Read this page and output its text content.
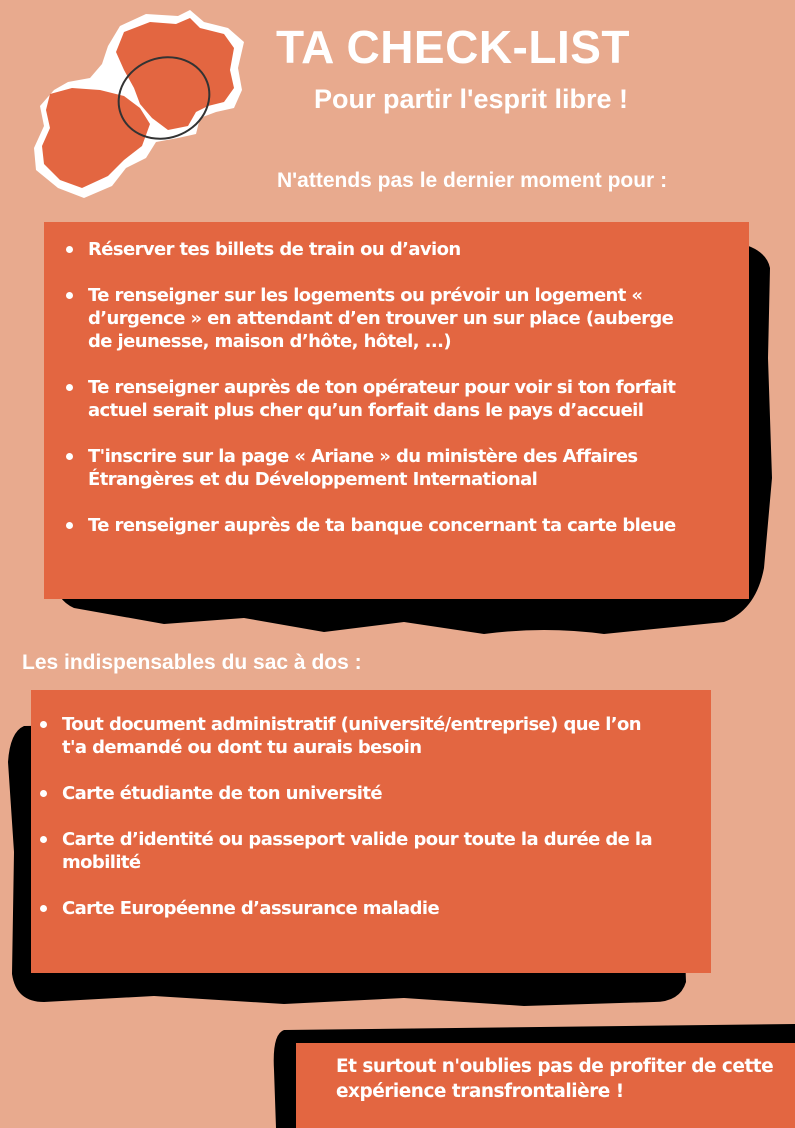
TA CHECK-LIST
Pour partir l'esprit libre !
N'attends pas le dernier moment pour :
Réserver tes billets de train ou d’avion
Te renseigner sur les logements ou prévoir un logement « d’urgence » en attendant d’en trouver un sur place (auberge de jeunesse, maison d’hôte, hôtel, ...)
Te renseigner auprès de ton opérateur pour voir si ton forfait actuel serait plus cher qu’un forfait dans le pays d’accueil
T'inscrire sur la page « Ariane » du ministère des Affaires Étrangères et du Développement International
Te renseigner auprès de ta banque concernant ta carte bleue
Les indispensables du sac à dos :
Tout document administratif (université/entreprise) que l’on t'a demandé ou dont tu aurais besoin
Carte étudiante de ton université
Carte d’identité ou passeport valide pour toute la durée de la mobilité
Carte Européenne d’assurance maladie

Et surtout n'oublies pas de profiter de cette expérience transfrontalière !
